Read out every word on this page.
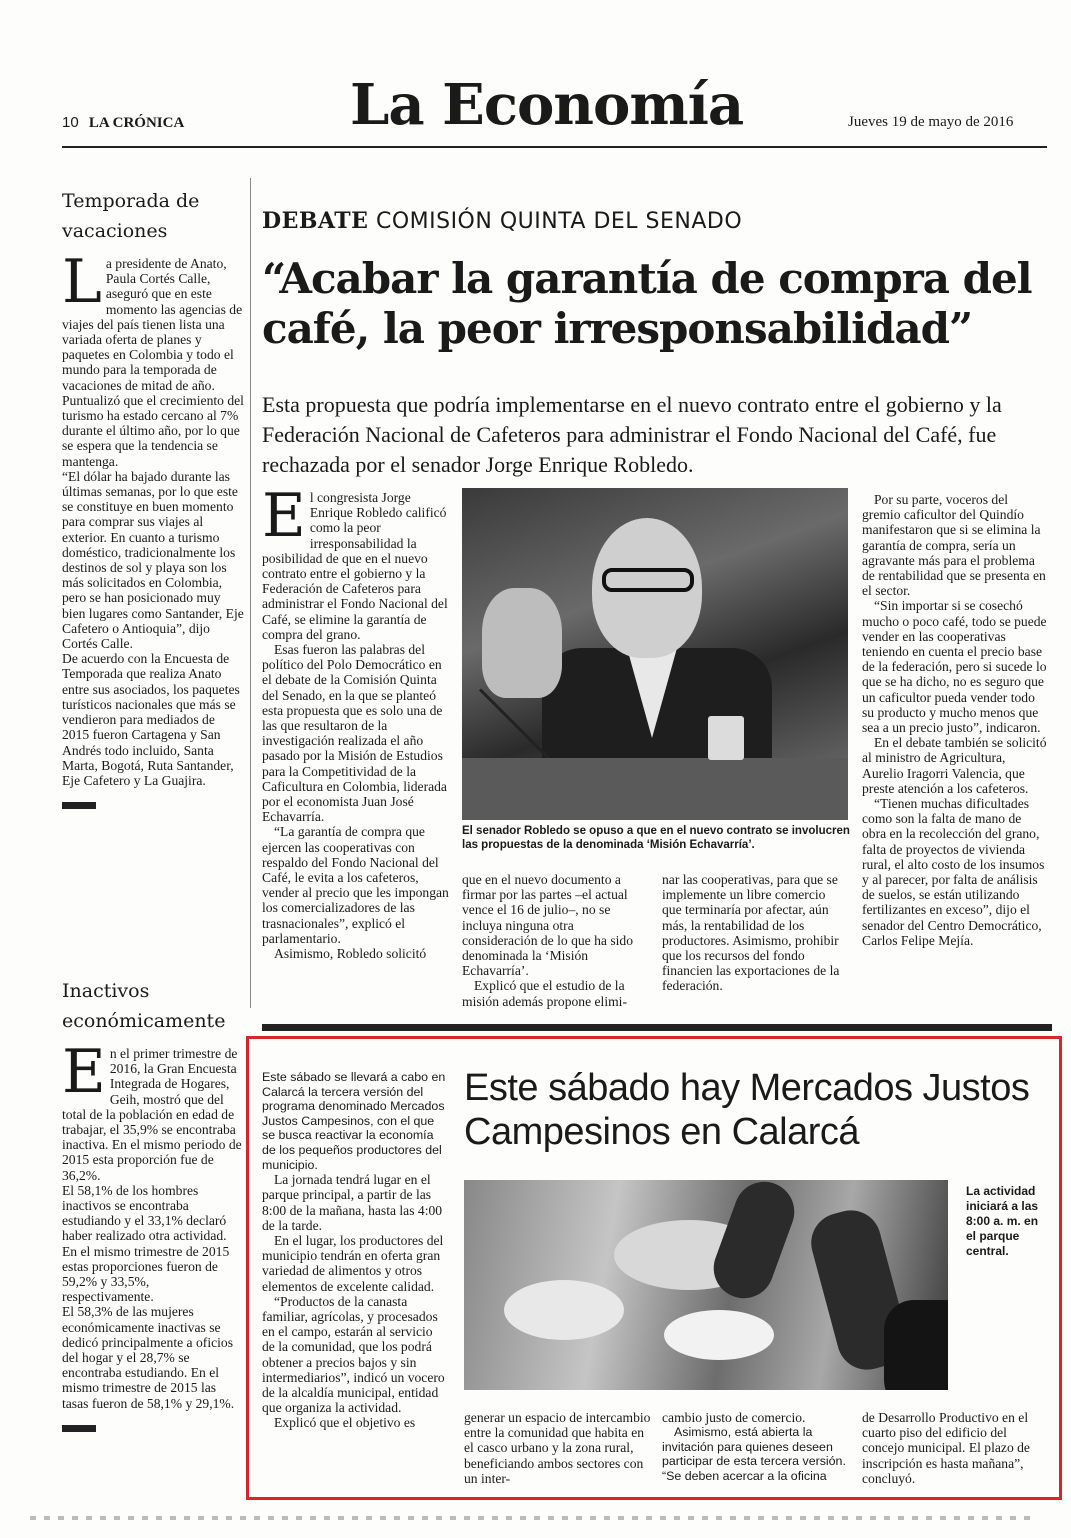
10 LA CRÓNICA	La Economía	Jueves 19 de mayo de 2016
Temporada de vacaciones
L a presidente de Anato, Paula Cortés Calle, aseguró que en este momento las agencias de viajes del país tienen lista una variada oferta de planes y paquetes en Colombia y todo el mundo para la temporada de vacaciones de mitad de año.

Puntualizó que el crecimiento del turismo ha estado cercano al 7% durante el último año, por lo que se espera que la tendencia se mantenga.

“El dólar ha bajado durante las últimas semanas, por lo que este se constituye en buen momento para comprar sus viajes al exterior. En cuanto a turismo doméstico, tradicionalmente los destinos de sol y playa son los más solicitados en Colombia, pero se han posicionado muy bien lugares como Santander, Eje Cafetero o Antioquia”, dijo Cortés Calle.

De acuerdo con la Encuesta de Temporada que realiza Anato entre sus asociados, los paquetes turísticos nacionales que más se vendieron para mediados de 2015 fueron Cartagena y San Andrés todo incluido, Santa Marta, Bogotá, Ruta Santander, Eje Cafetero y La Guajira.

Inactivos económicamente
E n el primer trimestre de 2016, la Gran Encuesta Integrada de Hogares, Geih, mostró que del total de la población en edad de trabajar, el 35,9% se encontraba inactiva. En el mismo periodo de 2015 esta proporción fue de 36,2%.

El 58,1% de los hombres inactivos se encontraba estudiando y el 33,1% declaró haber realizado otra actividad. En el mismo trimestre de 2015 estas proporciones fueron de 59,2% y 33,5%, respectivamente.

El 58,3% de las mujeres económicamente inactivas se dedicó principalmente a oficios del hogar y el 28,7% se encontraba estudiando. En el mismo trimestre de 2015 las tasas fueron de 58,1% y 29,1%.

DEBATE COMISIÓN QUINTA DEL SENADO
“Acabar la garantía de compra del café, la peor irresponsabilidad”
Esta propuesta que podría implementarse en el nuevo contrato entre el gobierno y la Federación Nacional de Cafeteros para administrar el Fondo Nacional del Café, fue rechazada por el senador Jorge Enrique Robledo.
E l congresista Jorge Enrique Robledo calificó como la peor irresponsabilidad la posibilidad de que en el nuevo contrato entre el gobierno y la Federación de Cafeteros para administrar el Fondo Nacional del Café, se elimine la garantía de compra del grano.

Esas fueron las palabras del político del Polo Democrático en el debate de la Comisión Quinta del Senado, en la que se planteó esta propuesta que es solo una de las que resultaron de la investigación realizada el año pasado por la Misión de Estudios para la Competitividad de la Caficultura en Colombia, liderada por el economista Juan José Echavarría.

“La garantía de compra que ejercen las cooperativas con respaldo del Fondo Nacional del Café, le evita a los cafeteros, vender al precio que les impongan los comercializadores de las trasnacionales”, explicó el parlamentario.

Asimismo, Robledo solicitó

El senador Robledo se opuso a que en el nuevo contrato se involucren las propuestas de la denominada ‘Misión Echavarría’.

que en el nuevo documento a firmar por las partes –el actual vence el 16 de julio–, no se incluya ninguna otra consideración de lo que ha sido denominada la ‘Misión Echavarría’.

Explicó que el estudio de la misión además propone elimi-

nar las cooperativas, para que se implemente un libre comercio que terminaría por afectar, aún más, la rentabilidad de los productores. Asimismo, prohibir que los recursos del fondo financien las exportaciones de la federación.

Por su parte, voceros del gremio caficultor del Quindío manifestaron que si se elimina la garantía de compra, sería un agravante más para el problema de rentabilidad que se presenta en el sector.

“Sin importar si se cosechó mucho o poco café, todo se puede vender en las cooperativas teniendo en cuenta el precio base de la federación, pero si sucede lo que se ha dicho, no es seguro que un caficultor pueda vender todo su producto y mucho menos que sea a un precio justo”, indicaron.

En el debate también se solicitó al ministro de Agricultura, Aurelio Iragorri Valencia, que preste atención a los cafeteros.

“Tienen muchas dificultades como son la falta de mano de obra en la recolección del grano, falta de proyectos de vivienda rural, el alto costo de los insumos y al parecer, por falta de análisis de suelos, se están utilizando fertilizantes en exceso”, dijo el senador del Centro Democrático, Carlos Felipe Mejía.

Este sábado hay Mercados Justos Campesinos en Calarcá

Este sábado se llevará a cabo en Calarcá la tercera versión del programa denominado Mercados Justos Campesinos, con el que se busca reactivar la economía de los pequeños productores del municipio.

La jornada tendrá lugar en el parque principal, a partir de las 8:00 de la mañana, hasta las 4:00 de la tarde.

En el lugar, los productores del municipio tendrán en oferta gran variedad de alimentos y otros elementos de excelente calidad.

“Productos de la canasta familiar, agrícolas, y procesados en el campo, estarán al servicio de la comunidad, que los podrá obtener a precios bajos y sin intermediarios”, indicó un vocero de la alcaldía municipal, entidad que organiza la actividad.

Explicó que el objetivo es

La actividad iniciará a las 8:00 a. m. en el parque central.

generar un espacio de intercambio entre la comunidad que habita en el casco urbano y la zona rural, beneficiando ambos sectores con un inter-

cambio justo de comercio.

Asimismo, está abierta la invitación para quienes deseen participar de esta tercera versión. “Se deben acercar a la oficina

de Desarrollo Productivo en el cuarto piso del edificio del concejo municipal. El plazo de inscripción es hasta mañana”, concluyó.
